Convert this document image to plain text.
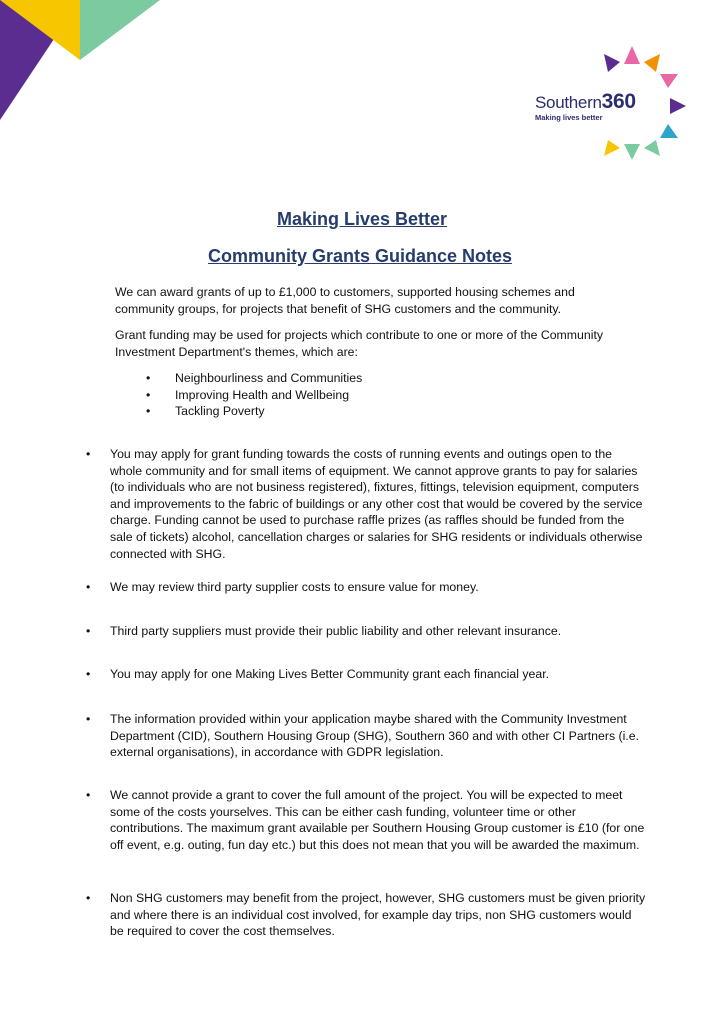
Southern360
Making lives better
Making Lives Better
Community Grants Guidance Notes

We can award grants of up to £1,000 to customers, supported housing schemes and community groups, for projects that benefit of SHG customers and the community.

Grant funding may be used for projects which contribute to one or more of the Community Investment Department's themes, which are:

• Neighbourliness and Communities
• Improving Health and Wellbeing
• Tackling Poverty
• You may apply for grant funding towards the costs of running events and outings open to the whole community and for small items of equipment. We cannot approve grants to pay for salaries (to individuals who are not business registered), fixtures, fittings, television equipment, computers and improvements to the fabric of buildings or any other cost that would be covered by the service charge. Funding cannot be used to purchase raffle prizes (as raffles should be funded from the sale of tickets) alcohol, cancellation charges or salaries for SHG residents or individuals otherwise connected with SHG.
• We may review third party supplier costs to ensure value for money.
• Third party suppliers must provide their public liability and other relevant insurance.
• You may apply for one Making Lives Better Community grant each financial year.
• The information provided within your application maybe shared with the Community Investment Department (CID), Southern Housing Group (SHG), Southern 360 and with other CI Partners (i.e. external organisations), in accordance with GDPR legislation.
• We cannot provide a grant to cover the full amount of the project. You will be expected to meet some of the costs yourselves. This can be either cash funding, volunteer time or other contributions. The maximum grant available per Southern Housing Group customer is £10 (for one off event, e.g. outing, fun day etc.) but this does not mean that you will be awarded the maximum.
• Non SHG customers may benefit from the project, however, SHG customers must be given priority and where there is an individual cost involved, for example day trips, non SHG customers would be required to cover the cost themselves.
